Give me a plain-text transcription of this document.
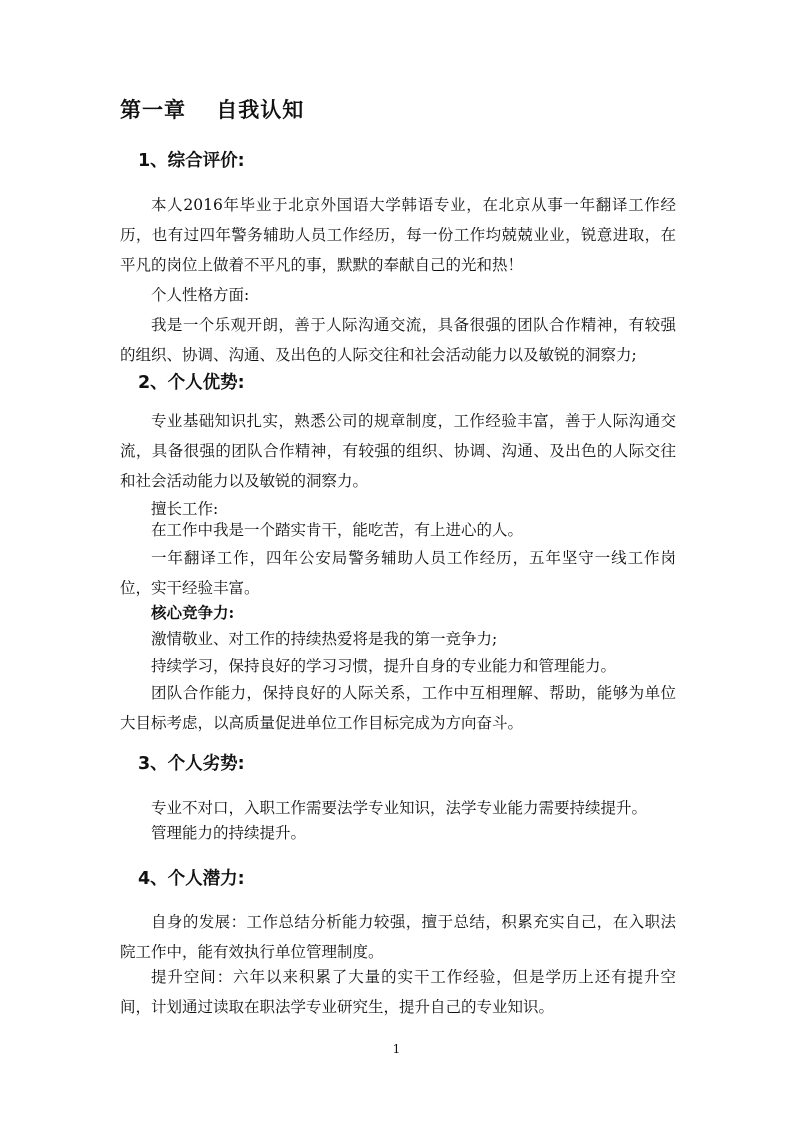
第一章　 自我认知
1、综合评价:

本人2016年毕业于北京外国语大学韩语专业，在北京从事一年翻译工作经历，也有过四年警务辅助人员工作经历，每一份工作均兢兢业业，锐意进取，在平凡的岗位上做着不平凡的事，默默的奉献自己的光和热！

个人性格方面:

我是一个乐观开朗，善于人际沟通交流，具备很强的团队合作精神，有较强的组织、协调、沟通、及出色的人际交往和社会活动能力以及敏锐的洞察力;

2、个人优势:

专业基础知识扎实，熟悉公司的规章制度，工作经验丰富，善于人际沟通交流，具备很强的团队合作精神，有较强的组织、协调、沟通、及出色的人际交往和社会活动能力以及敏锐的洞察力。

擅长工作:

在工作中我是一个踏实肯干，能吃苦，有上进心的人。

一年翻译工作，四年公安局警务辅助人员工作经历，五年坚守一线工作岗位，实干经验丰富。

核心竞争力:

激情敬业、对工作的持续热爱将是我的第一竞争力;

持续学习，保持良好的学习习惯，提升自身的专业能力和管理能力。

团队合作能力，保持良好的人际关系，工作中互相理解、帮助，能够为单位大目标考虑，以高质量促进单位工作目标完成为方向奋斗。

3、个人劣势:

专业不对口，入职工作需要法学专业知识，法学专业能力需要持续提升。

管理能力的持续提升。

4、个人潜力:

自身的发展：工作总结分析能力较强，擅于总结，积累充实自己，在入职法院工作中，能有效执行单位管理制度。

提升空间：六年以来积累了大量的实干工作经验，但是学历上还有提升空间，计划通过读取在职法学专业研究生，提升自己的专业知识。

1
